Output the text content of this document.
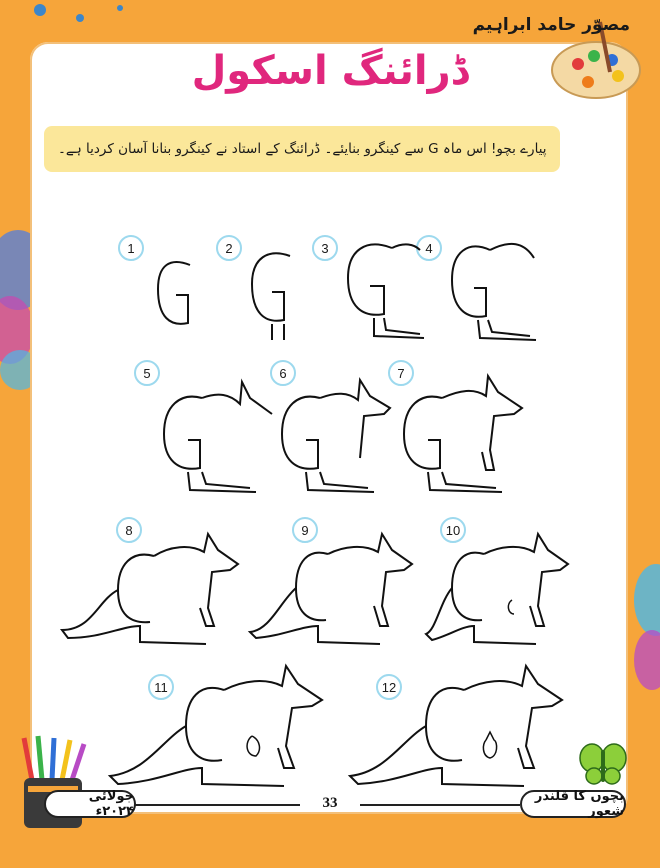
مصوّر حامد ابراہیم
ڈرائنگ اسکول
پیارے بچو! اس ماہ G سے کینگرو بنایئے۔ ڈرائنگ کے استاد نے کینگرو بنانا آسان کردیا ہے۔
1	2	3	4
5	6	7
8	9	10
11	12
33
جولائی ۲۰۲۴ء
بچوں کا قلندر شعور
